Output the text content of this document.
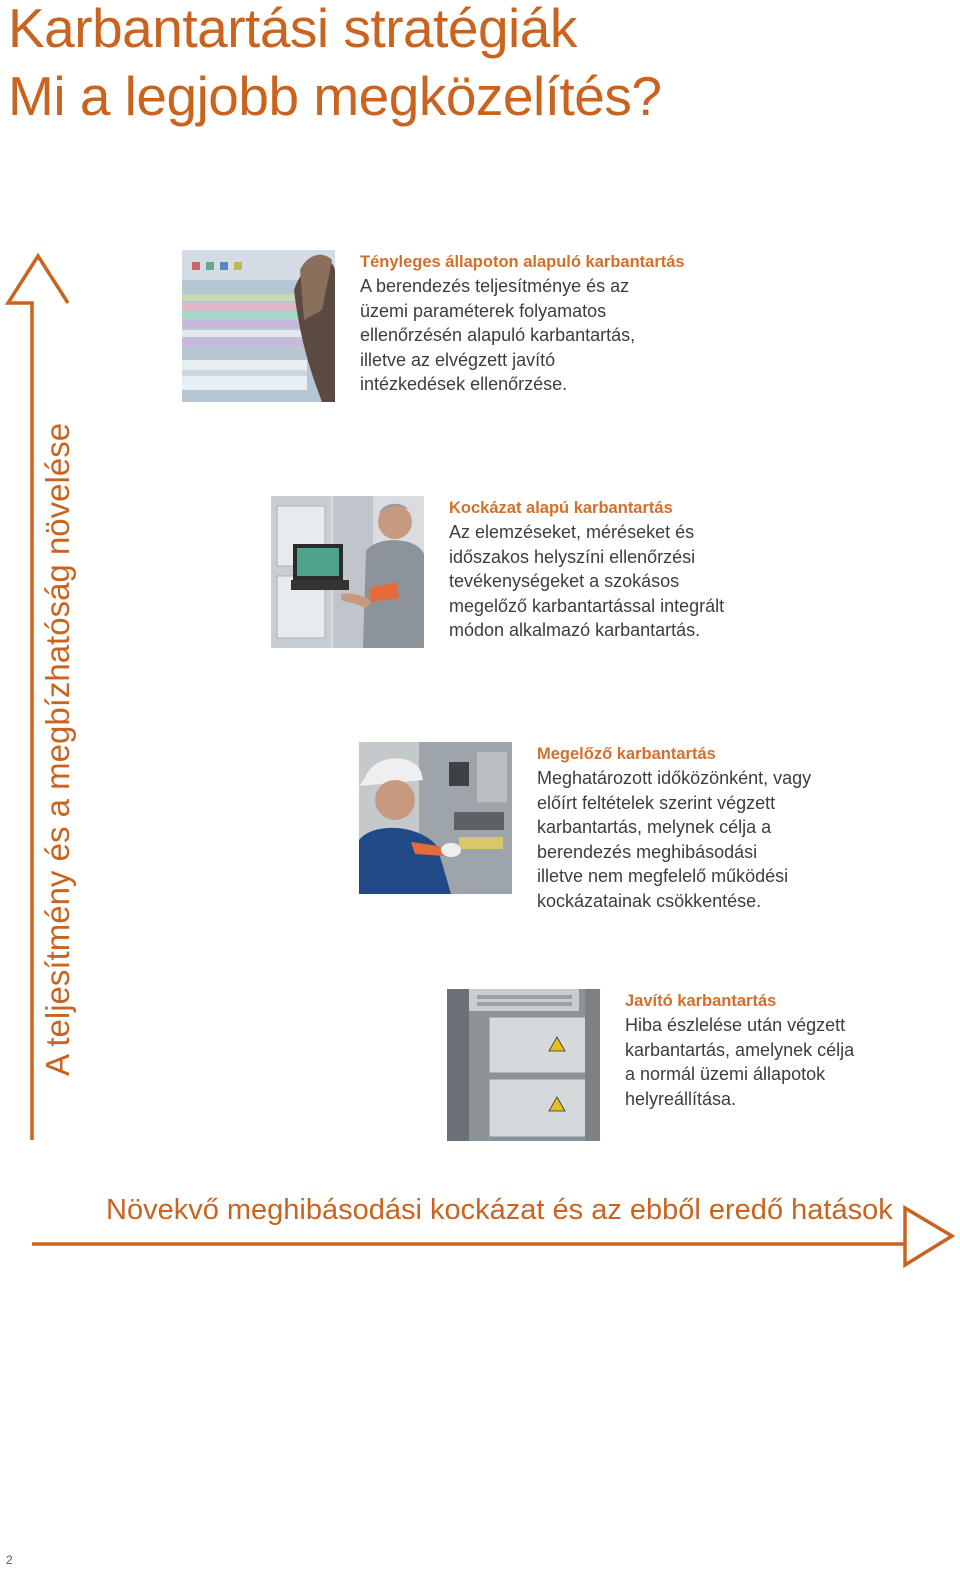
Karbantartási stratégiák
Mi a legjobb megközelítés?
A teljesítmény és a megbízhatóság növelése
Növekvő meghibásodási kockázat és az ebből eredő hatások
Tényleges állapoton alapuló karbantartás
A berendezés teljesítménye és az
üzemi paraméterek folyamatos
ellenőrzésén alapuló karbantartás,
illetve az elvégzett javító
intézkedések ellenőrzése.
Kockázat alapú karbantartás
Az elemzéseket, méréseket és
időszakos helyszíni ellenőrzési
tevékenységeket a szokásos
megelőző karbantartással integrált
módon alkalmazó karbantartás.
Megelőző karbantartás
Meghatározott időközönként, vagy
előírt feltételek szerint végzett
karbantartás, melynek célja a
berendezés meghibásodási
illetve nem megfelelő működési
kockázatainak csökkentése.
Javító karbantartás
Hiba észlelése után végzett
karbantartás, amelynek célja
a normál üzemi állapotok
helyreállítása.
2
